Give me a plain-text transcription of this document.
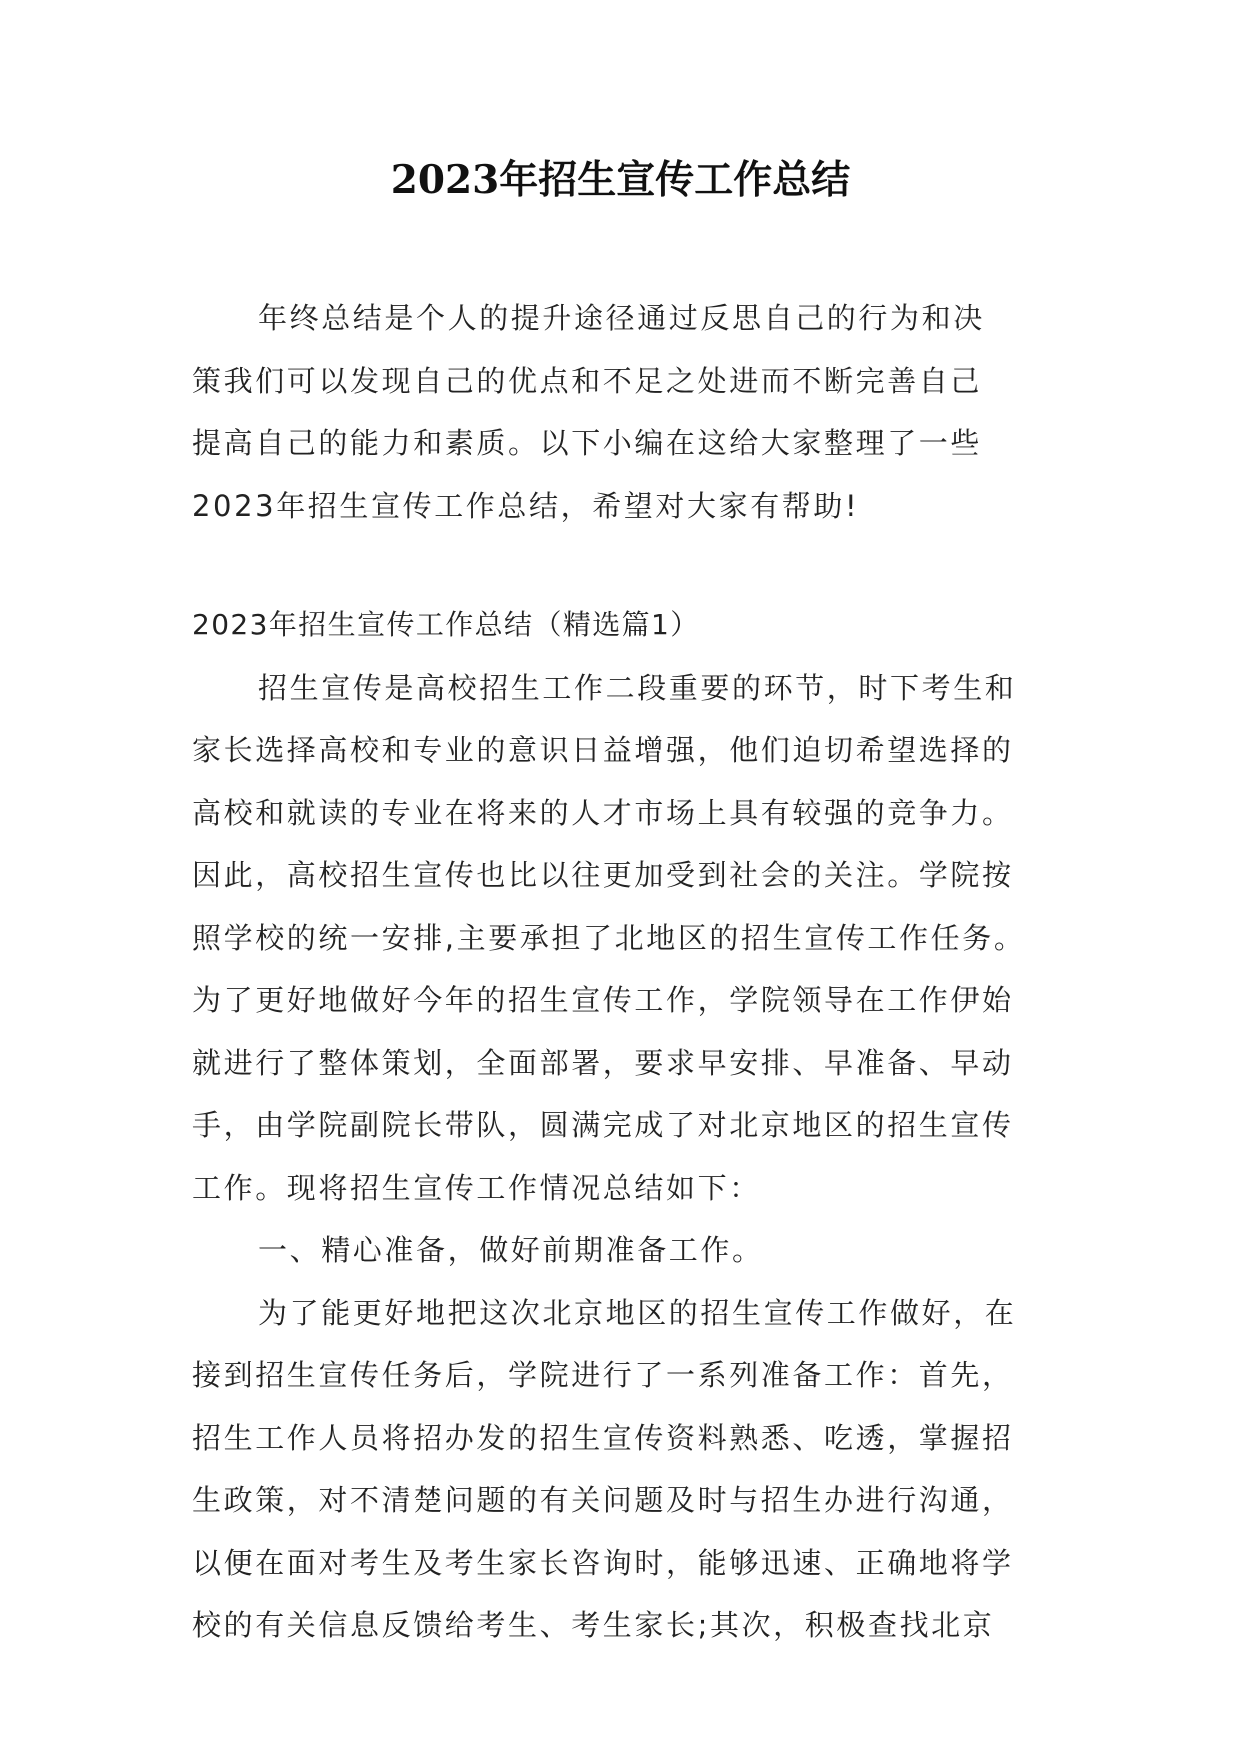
2023年招生宣传工作总结
年终总结是个人的提升途径通过反思自己的行为和决
策我们可以发现自己的优点和不足之处进而不断完善自己
提高自己的能力和素质。以下小编在这给大家整理了一些
2023年招生宣传工作总结，希望对大家有帮助!
2023年招生宣传工作总结（精选篇1）
招生宣传是高校招生工作二段重要的环节，时下考生和
家长选择高校和专业的意识日益增强，他们迫切希望选择的
高校和就读的专业在将来的人才市场上具有较强的竞争力。
因此，高校招生宣传也比以往更加受到社会的关注。学院按
照学校的统一安排,主要承担了北地区的招生宣传工作任务。
为了更好地做好今年的招生宣传工作，学院领导在工作伊始
就进行了整体策划，全面部署，要求早安排、早准备、早动
手，由学院副院长带队，圆满完成了对北京地区的招生宣传
工作。现将招生宣传工作情况总结如下：
一、精心准备，做好前期准备工作。
为了能更好地把这次北京地区的招生宣传工作做好，在
接到招生宣传任务后，学院进行了一系列准备工作：首先，
招生工作人员将招办发的招生宣传资料熟悉、吃透，掌握招
生政策，对不清楚问题的有关问题及时与招生办进行沟通，
以便在面对考生及考生家长咨询时，能够迅速、正确地将学
校的有关信息反馈给考生、考生家长;其次，积极查找北京
